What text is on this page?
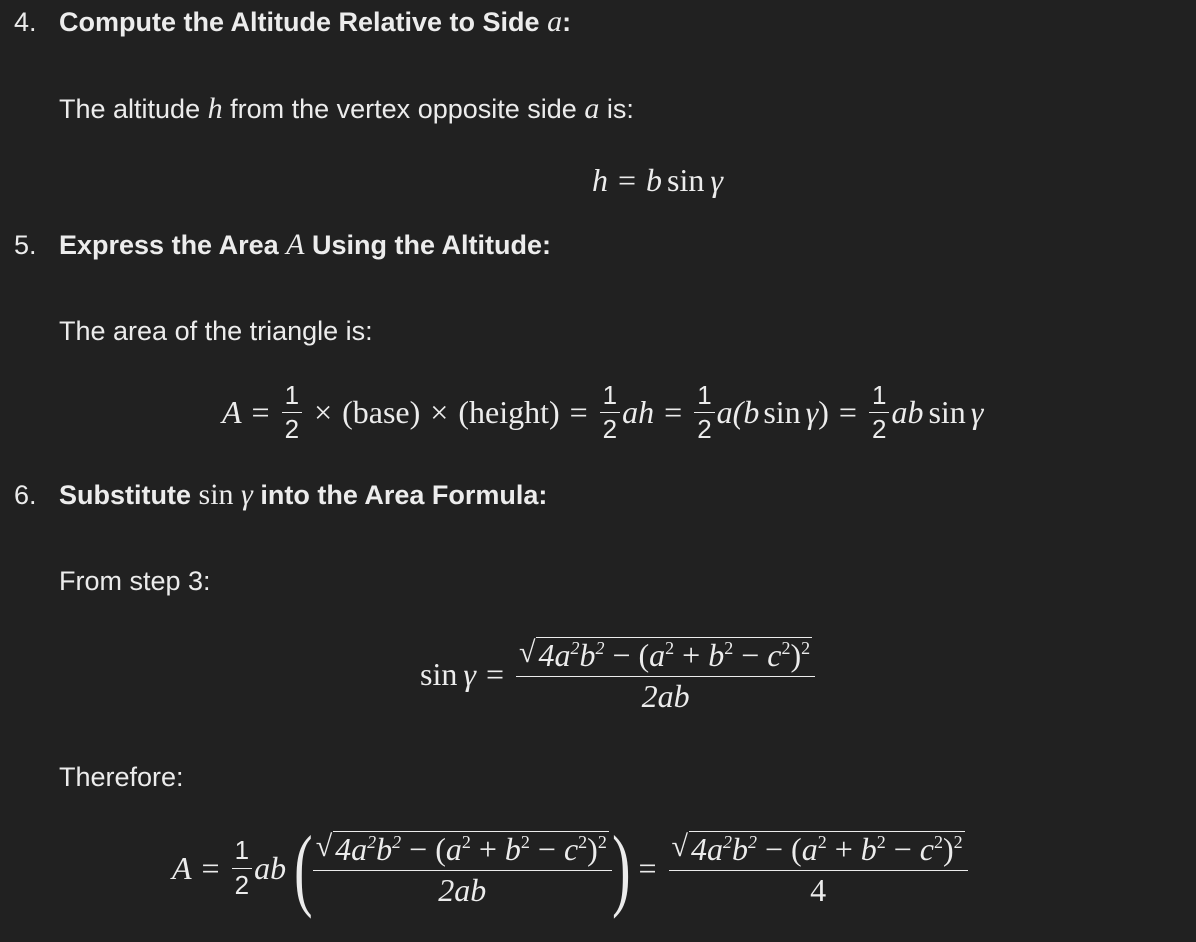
4. Compute the Altitude Relative to Side a:
The altitude h from the vertex opposite side a is:
h = b sin γ
5. Express the Area A Using the Altitude:
The area of the triangle is:
$A = \frac{1}{2}$ × (base) × (height) = $\frac{1}{2}$ ah = $\frac{1}{2} a$( b sin γ ) = $\frac{1}{2}$ ab sin γ
6. Substitute sin γ into the Area Formula:
From step 3:
$\sin \gamma = \frac{√ 4a^2b^2 - (a^2 + b^2 - c^2)^2}{2ab}$
Therefore:
$A = \frac{1}{2}$ ab ( $\frac{√ 4a^2b^2 - (a^2 + b^2 - c^2)^2}{2ab}$ ) = $\frac{√ 4a^2b^2 - (a^2 + b^2 - c^2)^2}{4}$
